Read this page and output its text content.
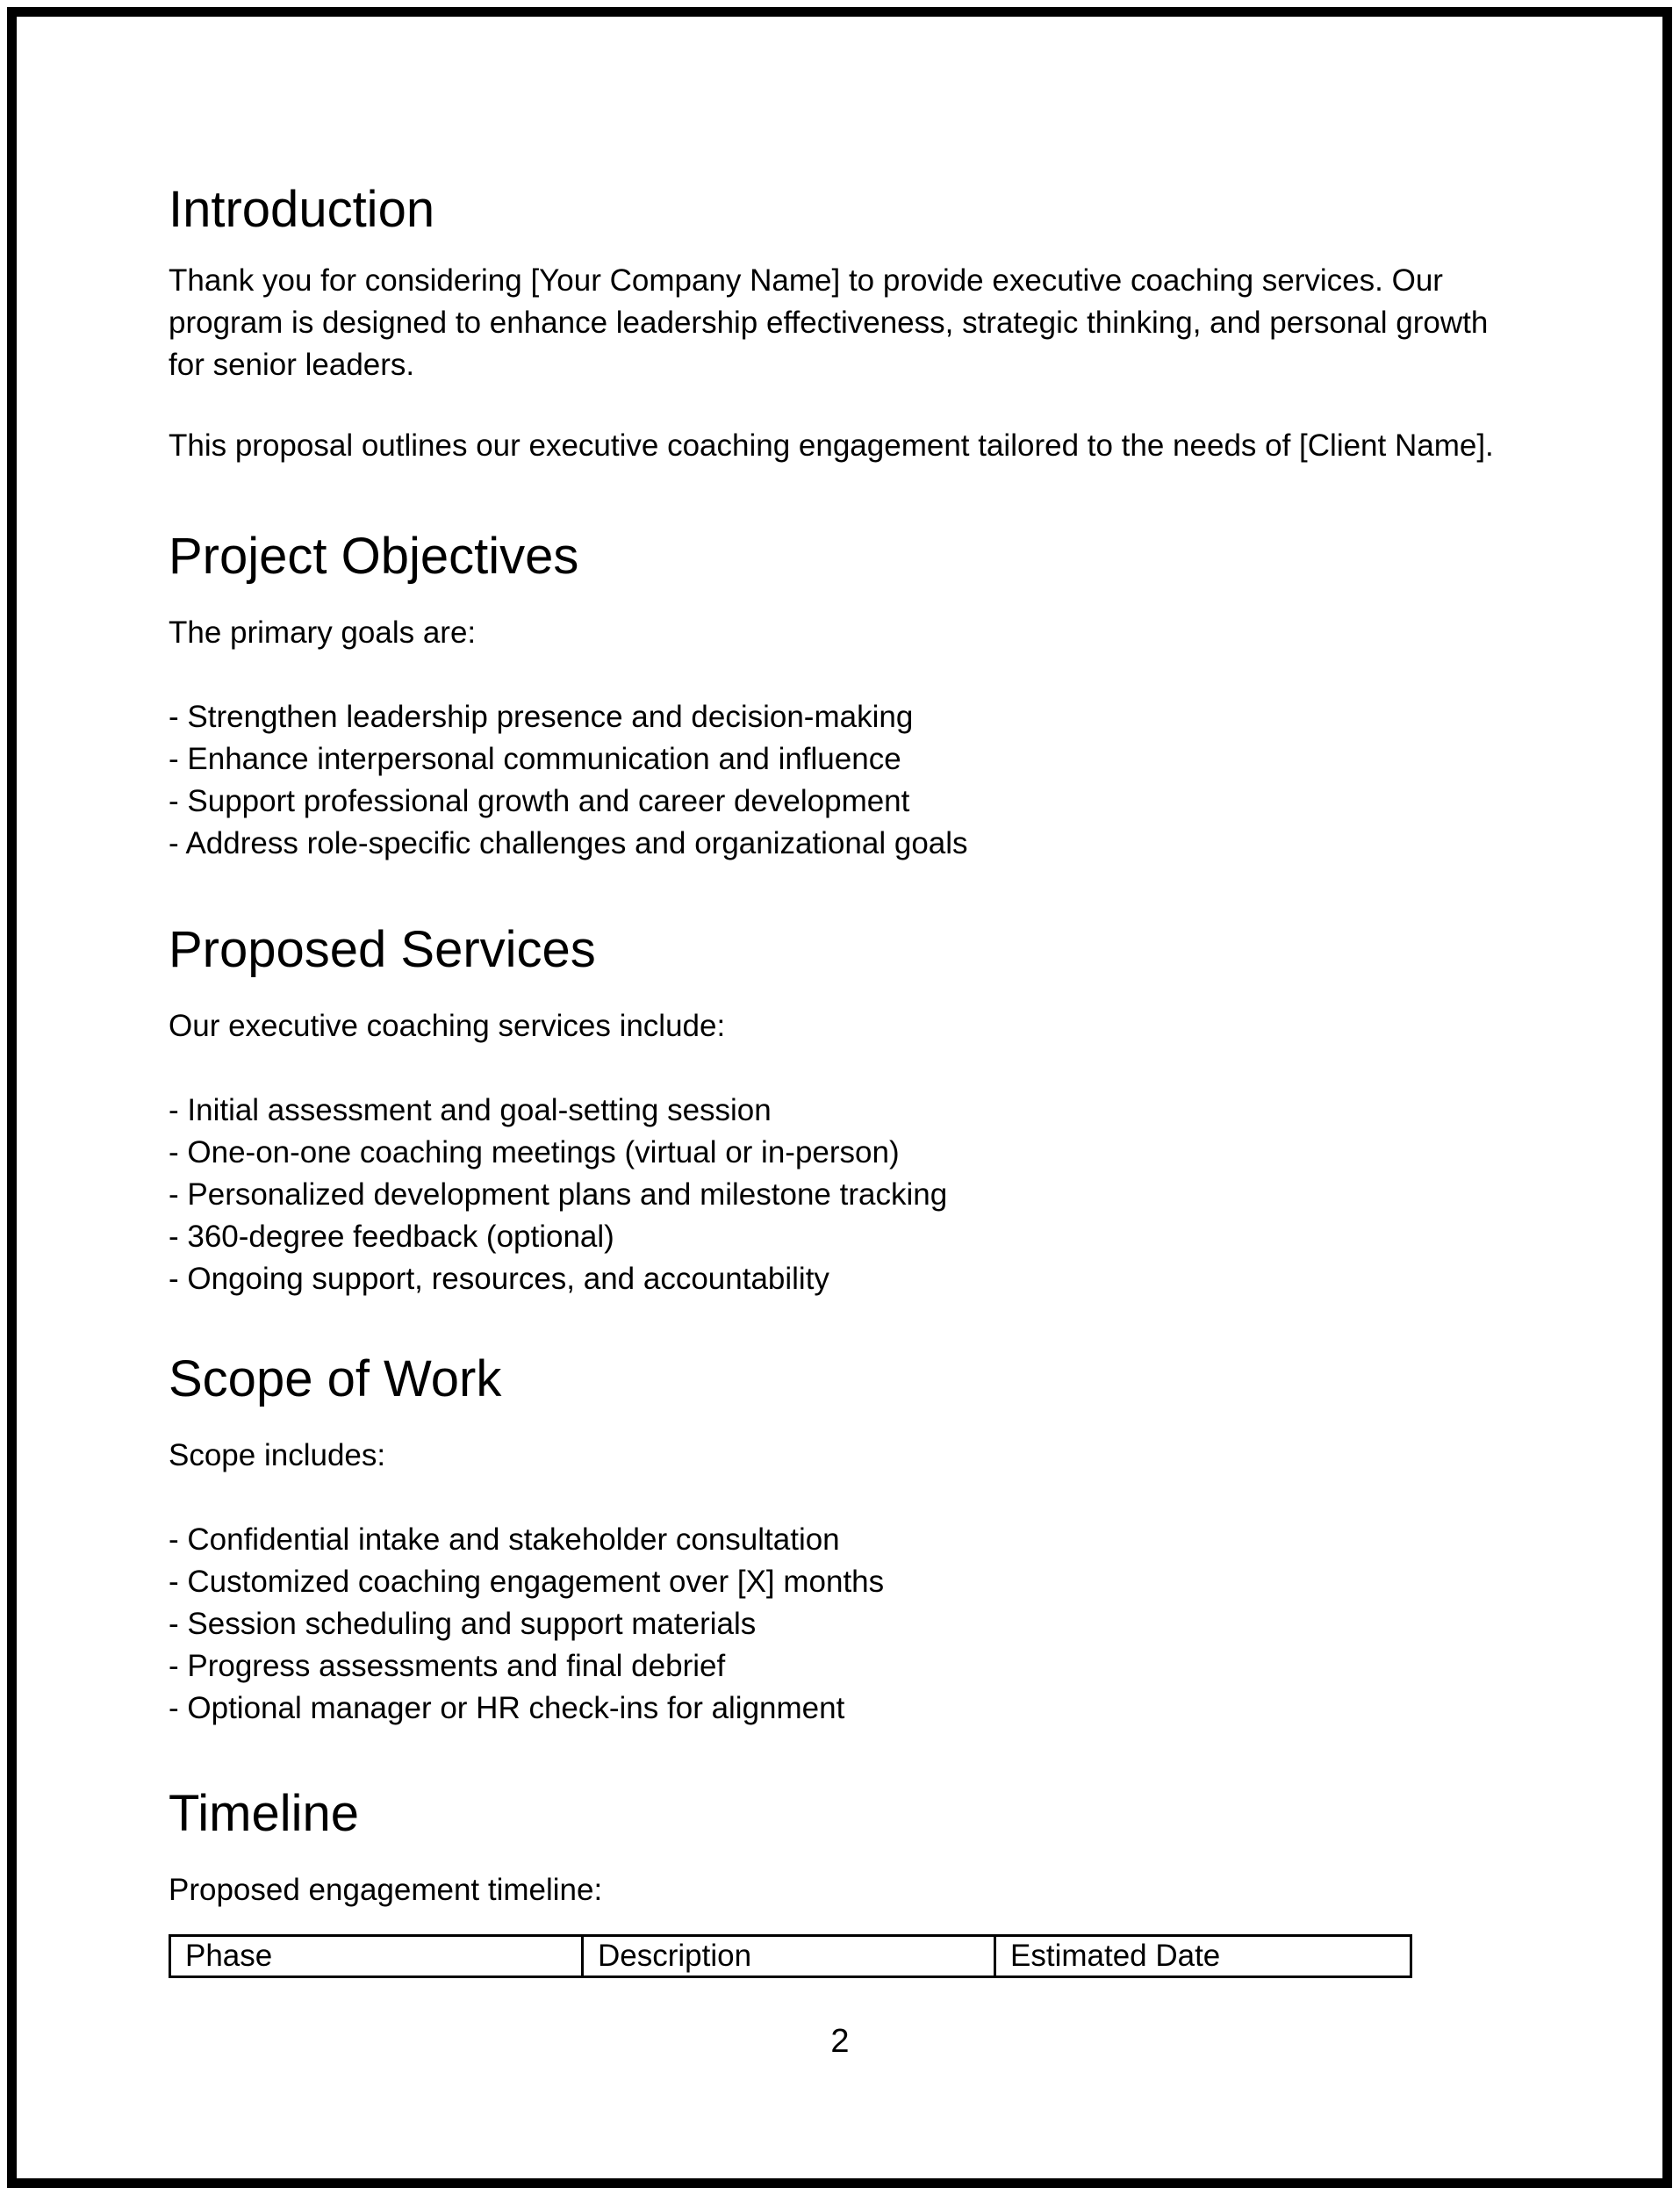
Introduction

Thank you for considering [Your Company Name] to provide executive coaching services. Our program is designed to enhance leadership effectiveness, strategic thinking, and personal growth for senior leaders.

This proposal outlines our executive coaching engagement tailored to the needs of [Client Name].

Project Objectives

The primary goals are:

- Strengthen leadership presence and decision-making
- Enhance interpersonal communication and influence
- Support professional growth and career development
- Address role-specific challenges and organizational goals
Proposed Services

Our executive coaching services include:

- Initial assessment and goal-setting session
- One-on-one coaching meetings (virtual or in-person)
- Personalized development plans and milestone tracking
- 360-degree feedback (optional)
- Ongoing support, resources, and accountability
Scope of Work

Scope includes:

- Confidential intake and stakeholder consultation
- Customized coaching engagement over [X] months
- Session scheduling and support materials
- Progress assessments and final debrief
- Optional manager or HR check-ins for alignment
Timeline

Proposed engagement timeline:

Phase	Description	Estimated Date
2
